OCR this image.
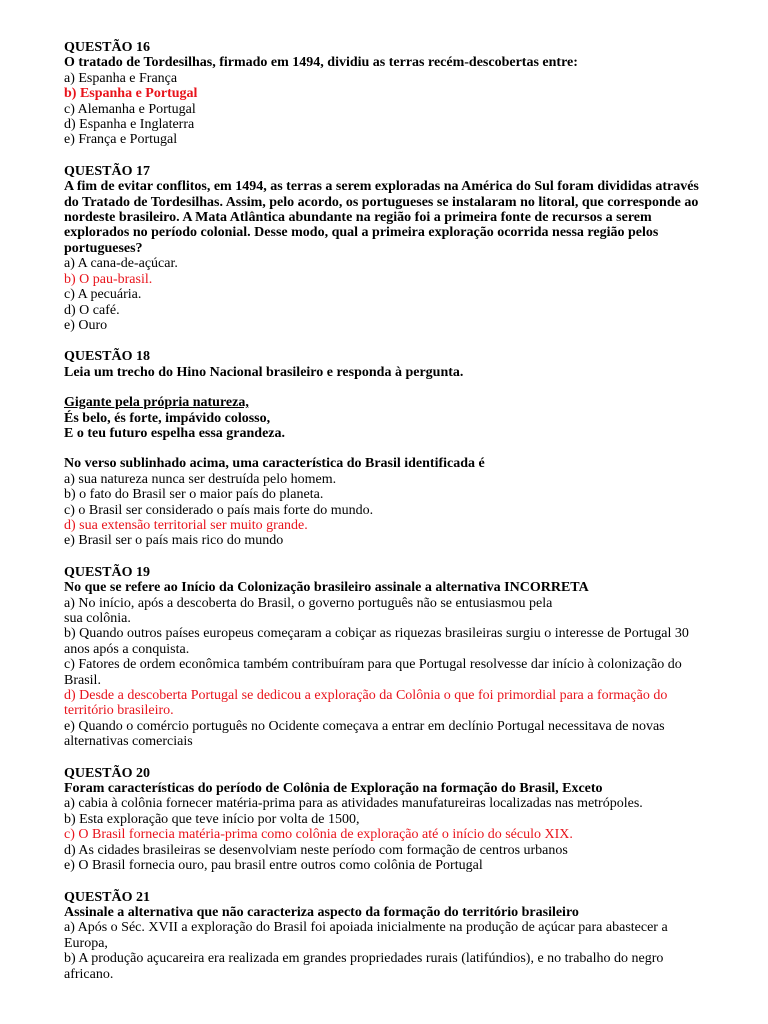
QUESTÃO 16
O tratado de Tordesilhas, firmado em 1494, dividiu as terras recém-descobertas entre:
a) Espanha e França
b) Espanha e Portugal
c) Alemanha e Portugal
d) Espanha e Inglaterra
e) França e Portugal
QUESTÃO 17
A fim de evitar conflitos, em 1494, as terras a serem exploradas na América do Sul foram divididas através
do Tratado de Tordesilhas. Assim, pelo acordo, os portugueses se instalaram no litoral, que corresponde ao
nordeste brasileiro. A Mata Atlântica abundante na região foi a primeira fonte de recursos a serem
explorados no período colonial. Desse modo, qual a primeira exploração ocorrida nessa região pelos
portugueses?
a) A cana-de-açúcar.
b) O pau-brasil.
c) A pecuária.
d) O café.
e) Ouro
QUESTÃO 18
Leia um trecho do Hino Nacional brasileiro e responda à pergunta.
Gigante pela própria natureza,
És belo, és forte, impávido colosso,
E o teu futuro espelha essa grandeza.
No verso sublinhado acima, uma característica do Brasil identificada é
a) sua natureza nunca ser destruída pelo homem.
b) o fato do Brasil ser o maior país do planeta.
c) o Brasil ser considerado o país mais forte do mundo.
d) sua extensão territorial ser muito grande.
e) Brasil ser o país mais rico do mundo
QUESTÃO 19
No que se refere ao Início da Colonização brasileiro assinale a alternativa INCORRETA
a) No início, após a descoberta do Brasil, o governo português não se entusiasmou pela
sua colônia.
b) Quando outros países europeus começaram a cobiçar as riquezas brasileiras surgiu o interesse de Portugal 30
anos após a conquista.
c) Fatores de ordem econômica também contribuíram para que Portugal resolvesse dar início à colonização do
Brasil.
d) Desde a descoberta Portugal se dedicou a exploração da Colônia o que foi primordial para a formação do
território brasileiro.
e) Quando o comércio português no Ocidente começava a entrar em declínio Portugal necessitava de novas
alternativas comerciais
QUESTÃO 20
Foram características do período de Colônia de Exploração na formação do Brasil, Exceto
a) cabia à colônia fornecer matéria-prima para as atividades manufatureiras localizadas nas metrópoles.
b) Esta exploração que teve início por volta de 1500,
c) O Brasil fornecia matéria-prima como colônia de exploração até o início do século XIX.
d) As cidades brasileiras se desenvolviam neste período com formação de centros urbanos
e) O Brasil fornecia ouro, pau brasil entre outros como colônia de Portugal
QUESTÃO 21
Assinale a alternativa que não caracteriza aspecto da formação do território brasileiro
a) Após o Séc. XVII a exploração do Brasil foi apoiada inicialmente na produção de açúcar para abastecer a
Europa,
b) A produção açucareira era realizada em grandes propriedades rurais (latifúndios), e no trabalho do negro
africano.
